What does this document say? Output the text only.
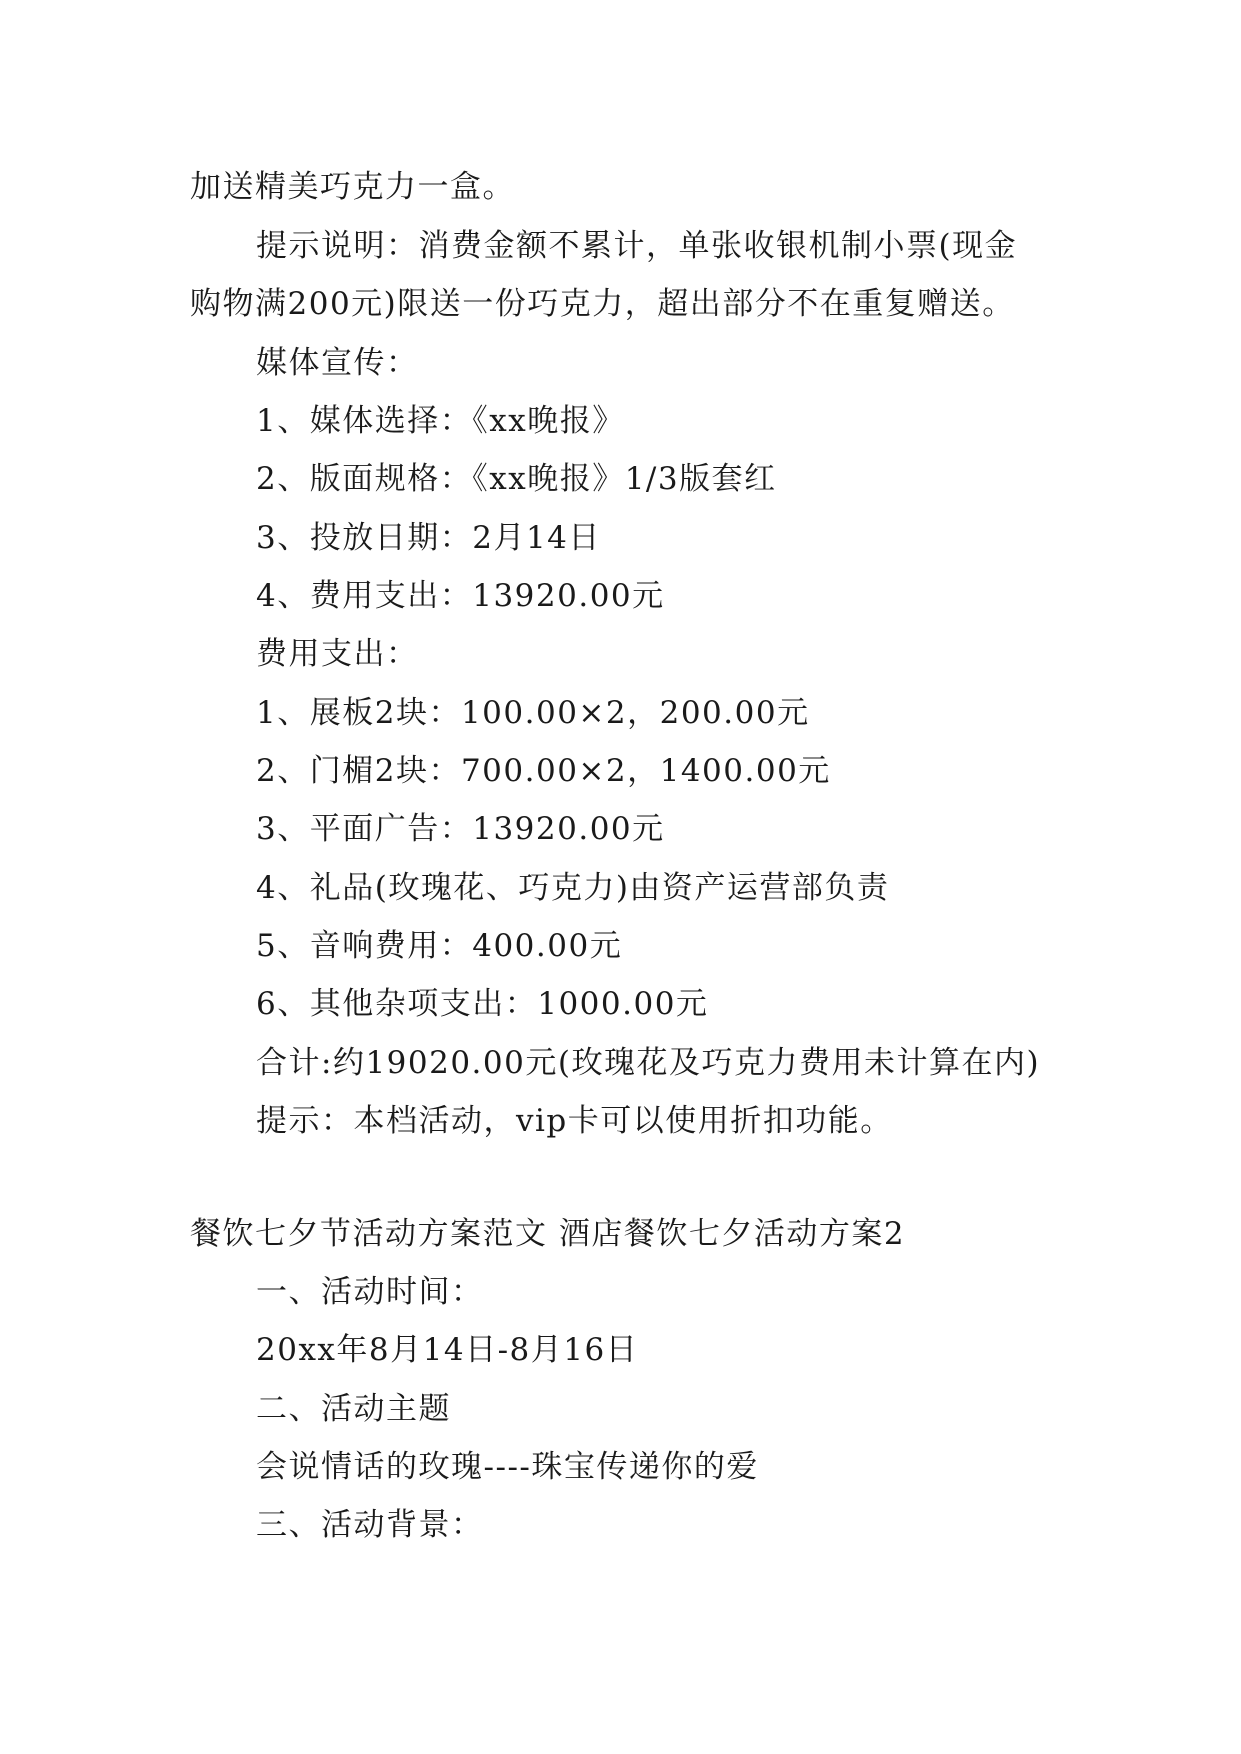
加送精美巧克力一盒。
提示说明：消费金额不累计，单张收银机制小票(现金
购物满200元)限送一份巧克力，超出部分不在重复赠送。
媒体宣传：
1、媒体选择：《xx晚报》
2、版面规格：《xx晚报》1/3版套红
3、投放日期：2月14日
4、费用支出：13920.00元
费用支出：
1、展板2块：100.00×2，200.00元
2、门楣2块：700.00×2，1400.00元
3、平面广告：13920.00元
4、礼品(玫瑰花、巧克力)由资产运营部负责
5、音响费用：400.00元
6、其他杂项支出：1000.00元
合计:约19020.00元(玫瑰花及巧克力费用未计算在内)
提示：本档活动，vip卡可以使用折扣功能。
餐饮七夕节活动方案范文 酒店餐饮七夕活动方案2
一、活动时间：
20xx年8月14日-8月16日
二、活动主题
会说情话的玫瑰----珠宝传递你的爱
三、活动背景：
